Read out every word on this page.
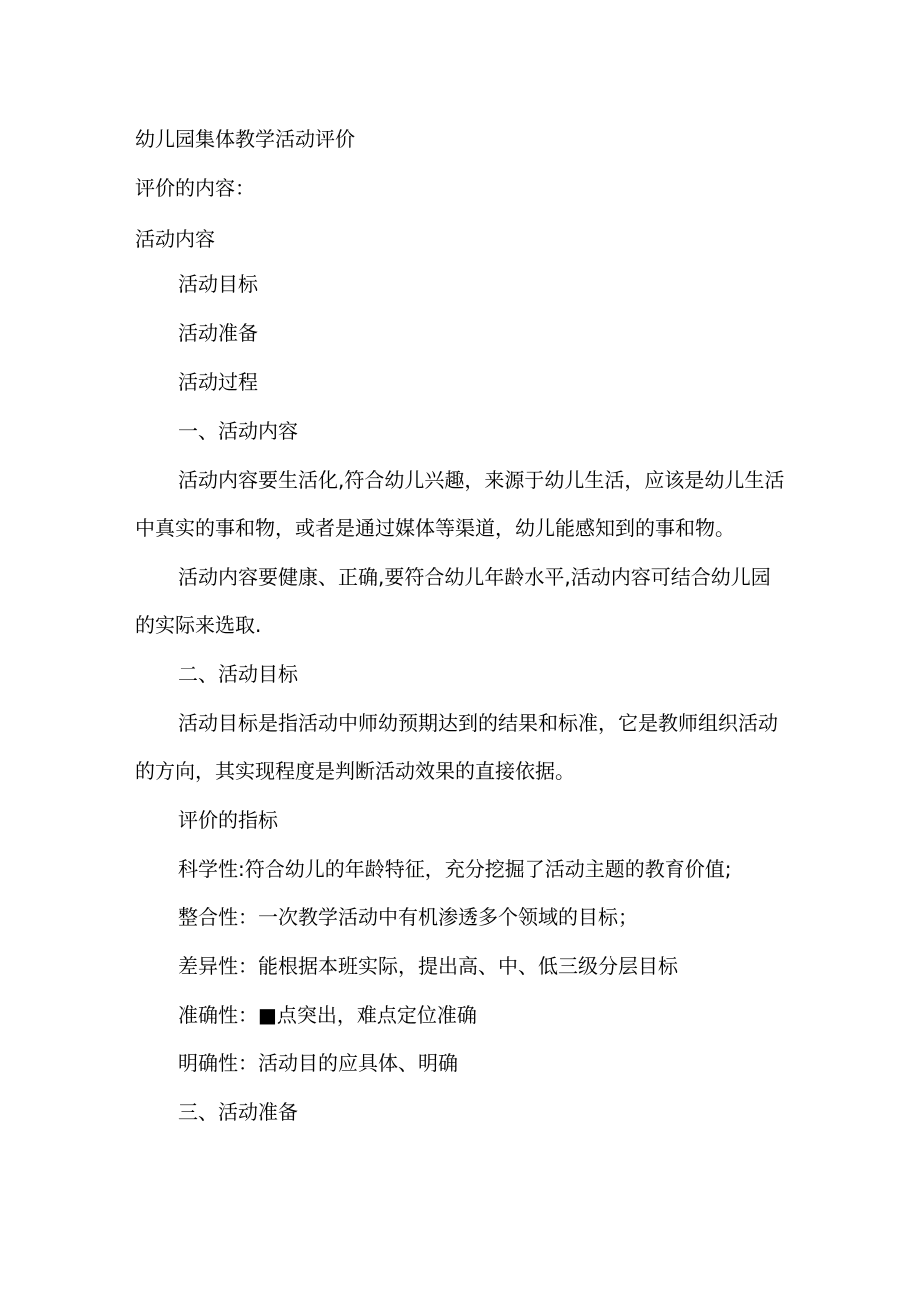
幼儿园集体教学活动评价
评价的内容：
活动内容
活动目标
活动准备
活动过程
一、活动内容
活动内容要生活化,符合幼儿兴趣，来源于幼儿生活，应该是幼儿生活
中真实的事和物，或者是通过媒体等渠道，幼儿能感知到的事和物。
活动内容要健康、正确,要符合幼儿年龄水平,活动内容可结合幼儿园
的实际来选取.
二、活动目标
活动目标是指活动中师幼预期达到的结果和标准，它是教师组织活动
的方向，其实现程度是判断活动效果的直接依据。
评价的指标
科学性:符合幼儿的年龄特征，充分挖掘了活动主题的教育价值;
整合性：一次教学活动中有机渗透多个领域的目标；
差异性：能根据本班实际，提出高、中、低三级分层目标
准确性：■点突出，难点定位准确
明确性：活动目的应具体、明确
三、活动准备
